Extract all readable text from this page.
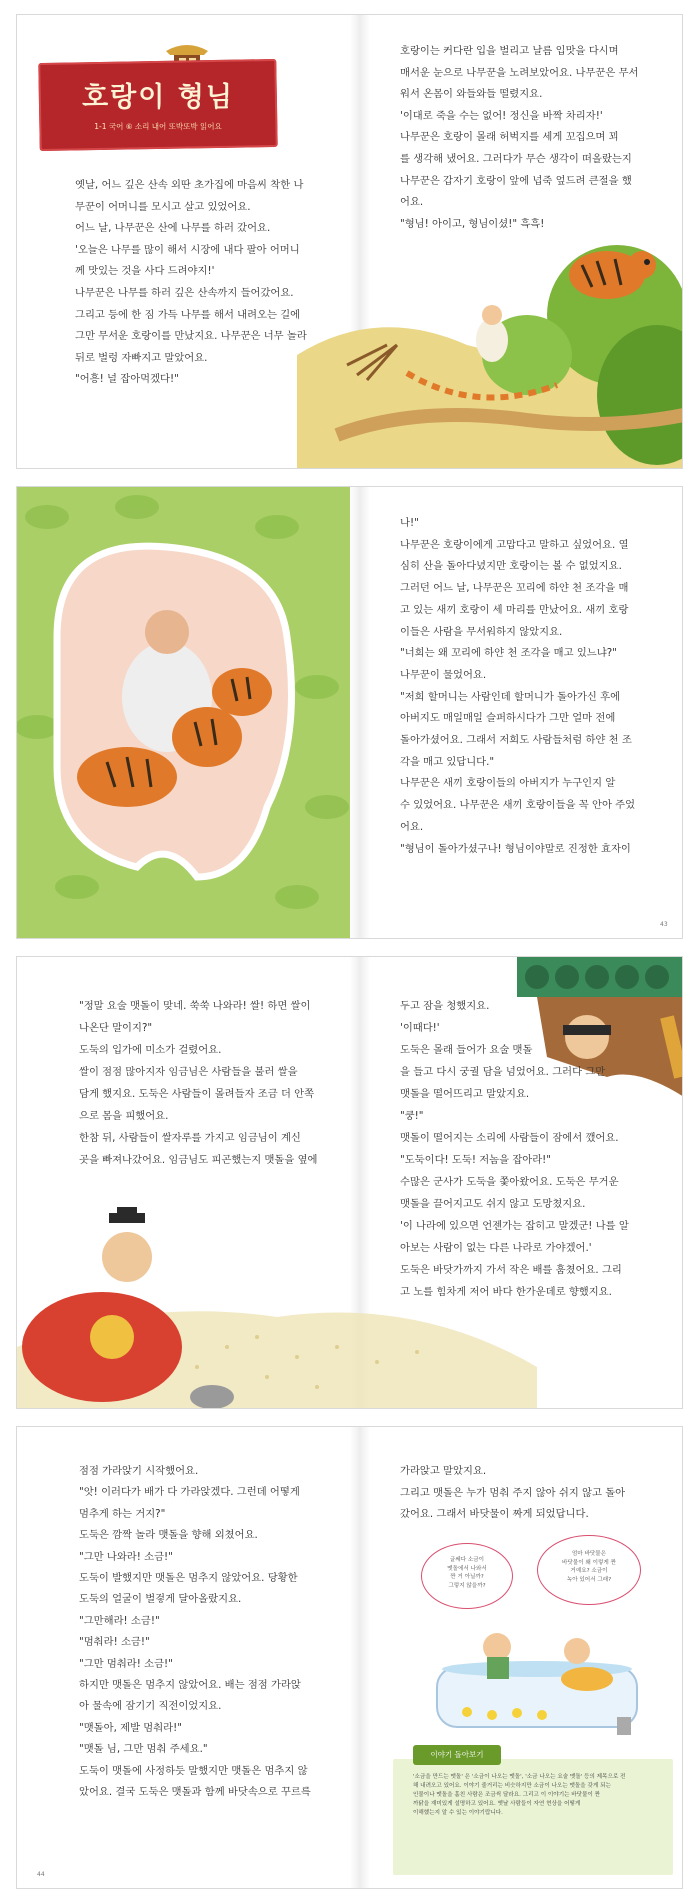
호랑이 형님
1-1 국어 ⑥ 소리 내어 또박또박 읽어요

옛날, 어느 깊은 산속 외딴 초가집에 마음씨 착한 나

무꾼이 어머니를 모시고 살고 있었어요.

어느 날, 나무꾼은 산에 나무를 하러 갔어요.

'오늘은 나무를 많이 해서 시장에 내다 팔아 어머니

께 맛있는 것을 사다 드려야지!'

나무꾼은 나무를 하러 깊은 산속까지 들어갔어요.

그리고 등에 한 짐 가득 나무를 해서 내려오는 길에

그만 무서운 호랑이를 만났지요. 나무꾼은 너무 놀라

뒤로 벌렁 자빠지고 말았어요.

"어흥! 널 잡아먹겠다!"

호랑이는 커다란 입을 벌리고 날름 입맛을 다시며

매서운 눈으로 나무꾼을 노려보았어요. 나무꾼은 무서

워서 온몸이 와들와들 떨렸지요.

'이대로 죽을 수는 없어! 정신을 바짝 차리자!'

나무꾼은 호랑이 몰래 허벅지를 세게 꼬집으며 꾀

를 생각해 냈어요. 그러다가 무슨 생각이 떠올랐는지

나무꾼은 갑자기 호랑이 앞에 넙죽 엎드려 큰절을 했

어요.

"형님! 아이고, 형님이셨!" 흑흑!

나!"

나무꾼은 호랑이에게 고맙다고 말하고 싶었어요. 열

심히 산을 돌아다녔지만 호랑이는 볼 수 없었지요.

그러던 어느 날, 나무꾼은 꼬리에 하얀 천 조각을 매

고 있는 새끼 호랑이 세 마리를 만났어요. 새끼 호랑

이들은 사람을 무서워하지 않았지요.

"너희는 왜 꼬리에 하얀 천 조각을 매고 있느냐?"

나무꾼이 물었어요.

"저희 할머니는 사람인데 할머니가 돌아가신 후에

아버지도 매일매일 슬퍼하시다가 그만 얼마 전에

돌아가셨어요. 그래서 저희도 사람들처럼 하얀 천 조

각을 매고 있답니다."

나무꾼은 새끼 호랑이들의 아버지가 누구인지 알

수 있었어요. 나무꾼은 새끼 호랑이들을 꼭 안아 주었

어요.

"형님이 돌아가셨구나! 형님이야말로 진정한 효자이

43

"정말 요술 맷돌이 맞네. 쑥쑥 나와라! 쌀! 하면 쌀이

나온단 말이지?"

도둑의 입가에 미소가 걸렸어요.

쌀이 점점 많아지자 임금님은 사람들을 불러 쌀을

담게 했지요. 도둑은 사람들이 몰려들자 조금 더 안쪽

으로 몸을 피했어요.

한참 뒤, 사람들이 쌀자루를 가지고 임금님이 계신

곳을 빠져나갔어요. 임금님도 피곤했는지 맷돌을 옆에

두고 잠을 청했지요.

'이때다!'

도둑은 몰래 들어가 요술 맷돌

을 들고 다시 궁궐 담을 넘었어요. 그러다 그만

맷돌을 떨어뜨리고 말았지요.

"쿵!"

맷돌이 떨어지는 소리에 사람들이 잠에서 깼어요.

"도둑이다! 도둑! 저놈을 잡아라!"

수많은 군사가 도둑을 쫓아왔어요. 도둑은 무거운

맷돌을 끌어지고도 쉬지 않고 도망쳤지요.

'이 나라에 있으면 언젠가는 잡히고 말겠군! 나를 알

아보는 사람이 없는 다른 나라로 가야겠어.'

도둑은 바닷가까지 가서 작은 배를 훔쳤어요. 그리

고 노를 힘차게 저어 바다 한가운데로 향했지요.

점점 가라앉기 시작했어요.

"앗! 이러다가 배가 다 가라앉겠다. 그런데 어떻게

멈추게 하는 거지?"

도둑은 깜짝 놀라 맷돌을 향해 외쳤어요.

"그만 나와라! 소금!"

도둑이 발했지만 맷돌은 멈추지 않았어요. 당황한

도둑의 얼굴이 벌겋게 달아올랐지요.

"그만해라! 소금!"

"멈춰라! 소금!"

"그만 멈춰라! 소금!"

하지만 맷돌은 멈추지 않았어요. 배는 점점 가라앉

아 물속에 잠기기 직전이었지요.

"맷돌아, 제발 멈춰라!"

"맷돌 님, 그만 멈춰 주세요."

도둑이 맷돌에 사정하듯 말했지만 맷돌은 멈추지 않

았어요. 결국 도둑은 맷돌과 함께 바닷속으로 꾸르륵

44

가라앉고 말았지요.

그리고 맷돌은 누가 멈춰 주지 않아 쉬지 않고 돌아

갔어요. 그래서 바닷물이 짜게 되었답니다.

글쎄다 소금이

맷돌에서 나와서

짠 거 아닐까?

그렇지 않을까?

엄마 바닷물은

바닷물이 왜 이렇게 짠

거예요? 소금이

녹아 있어서 그래?

이야기 돌아보기

'소금을 만드는 맷돌' 은 '소금이 나오는 맷돌', '소금 나오는 요술 맷돌' 등의 제목으로 전

해 내려오고 있어요. 이야기 줄거리는 비슷하지만 소금이 나오는 맷돌을 갖게 되는

인물이나 맷돌을 훔친 사람은 조금씩 달라요. 그리고 이 이야기는 바닷물이 짠

까닭을 재미있게 설명하고 있어요. 옛날 사람들이 자연 현상을 어떻게

이해했는지 알 수 있는 이야기랍니다.
